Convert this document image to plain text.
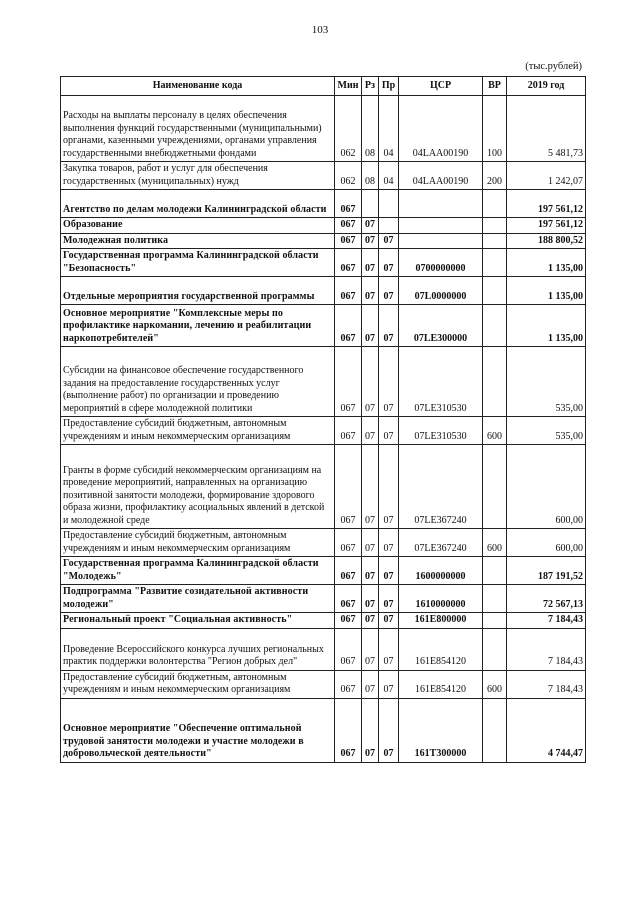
103
(тыс.рублей)
Наименование кода	Мин	Рз	Пр	ЦСР	ВР	2019 год
Расходы на выплаты персоналу в целях обеспечения выполнения функций государственными (муниципальными) органами, казенными учреждениями, органами управления государственными внебюджетными фондами	062	08	04	04LAA00190	100	5 481,73
Закупка товаров, работ и услуг для обеспечения государственных (муниципальных) нужд	062	08	04	04LAA00190	200	1 242,07
Агентство по делам молодежи Калининградской области	067					197 561,12
Образование	067	07				197 561,12
Молодежная политика	067	07	07			188 800,52
Государственная программа Калининградской области "Безопасность"	067	07	07	0700000000		1 135,00
Отдельные мероприятия государственной программы	067	07	07	07L0000000		1 135,00
Основное мероприятие "Комплексные меры по профилактике наркомании, лечению и реабилитации наркопотребителей"	067	07	07	07LE300000		1 135,00
Субсидии на финансовое обеспечение государственного задания на предоставление государственных услуг (выполнение работ) по организации и проведению мероприятий в сфере молодежной политики	067	07	07	07LE310530		535,00
Предоставление субсидий бюджетным, автономным учреждениям и иным некоммерческим организациям	067	07	07	07LE310530	600	535,00
Гранты в форме субсидий некоммерческим организациям на проведение мероприятий, направленных на организацию позитивной занятости молодежи, формирование здорового образа жизни, профилактику асоциальных явлений в детской и молодежной среде	067	07	07	07LE367240		600,00
Предоставление субсидий бюджетным, автономным учреждениям и иным некоммерческим организациям	067	07	07	07LE367240	600	600,00
Государственная программа Калининградской области "Молодежь"	067	07	07	1600000000		187 191,52
Подпрограмма "Развитие созидательной активности молодежи"	067	07	07	1610000000		72 567,13
Региональный проект "Социальная активность"	067	07	07	161E800000		7 184,43
Проведение Всероссийского конкурса лучших региональных практик поддержки волонтерства "Регион добрых дел"	067	07	07	161E854120		7 184,43
Предоставление субсидий бюджетным, автономным учреждениям и иным некоммерческим организациям	067	07	07	161E854120	600	7 184,43
Основное мероприятие "Обеспечение оптимальной трудовой занятости молодежи и участие молодежи в добровольческой деятельности"	067	07	07	161Т300000		4 744,47
